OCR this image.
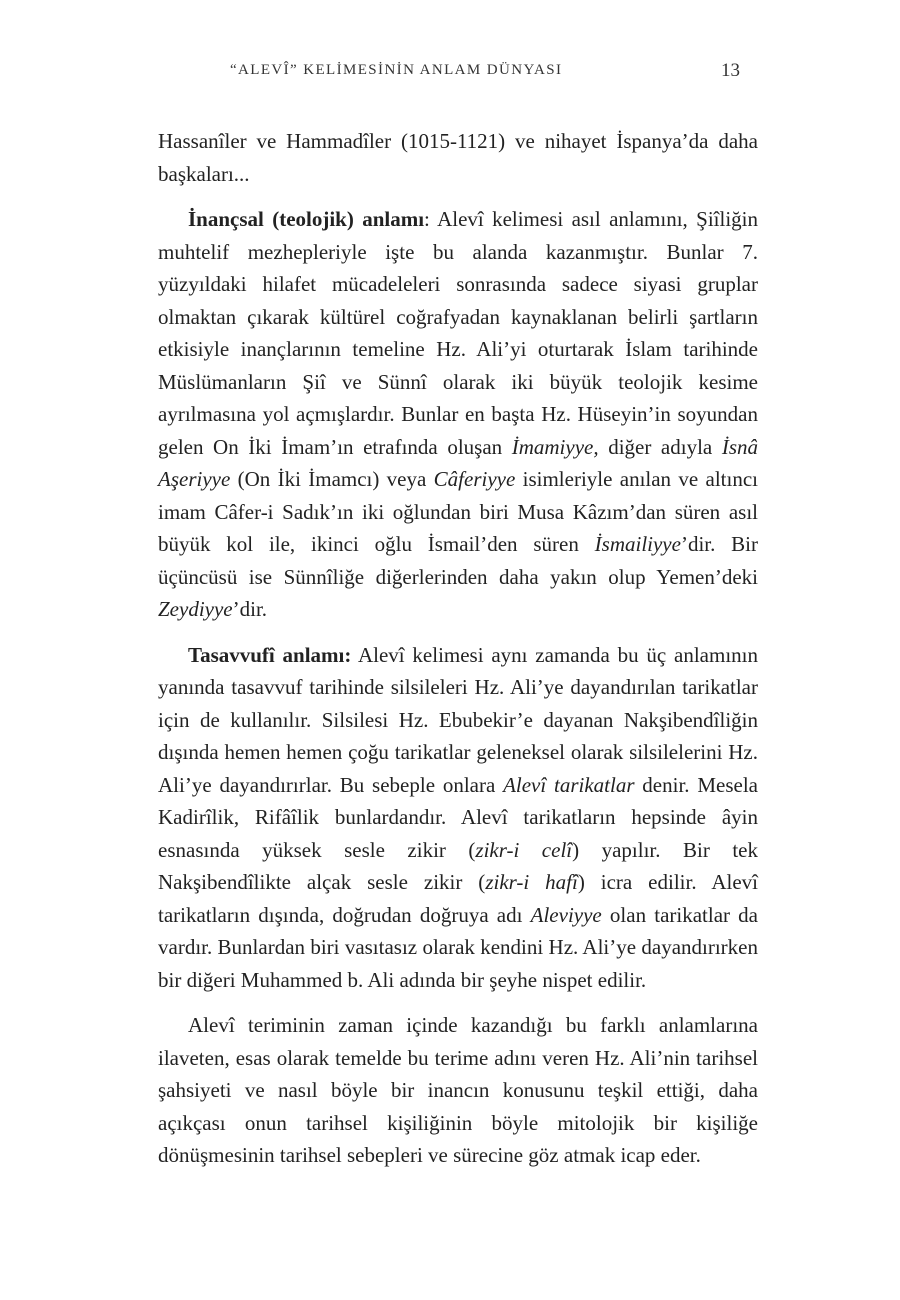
“ALEVÎ” KELİMESİNİN ANLAM DÜNYASI	13

Hassanîler ve Hammadîler (1015-1121) ve nihayet İspanya’da daha başkaları...

İnançsal (teolojik) anlamı: Alevî kelimesi asıl anlamını, Şiîliğin muhtelif mezhepleriyle işte bu alanda kazanmıştır. Bunlar 7. yüzyıldaki hilafet mücadeleleri sonrasında sadece siyasi gruplar olmaktan çıkarak kültürel coğrafyadan kaynaklanan belirli şartların etkisiyle inançlarının temeline Hz. Ali’yi oturtarak İslam tarihinde Müslümanların Şiî ve Sünnî olarak iki büyük teolojik kesime ayrılmasına yol açmışlardır. Bunlar en başta Hz. Hüseyin’in soyundan gelen On İki İmam’ın etrafında oluşan İmamiyye, diğer adıyla İsnâ Aşeriyye (On İki İmamcı) veya Câferiyye isimleriyle anılan ve altıncı imam Câfer-i Sadık’ın iki oğlundan biri Musa Kâzım’dan süren asıl büyük kol ile, ikinci oğlu İsmail’den süren İsmailiyye’dir. Bir üçüncüsü ise Sünnîliğe diğerlerinden daha yakın olup Yemen’deki Zeydiyye’dir.

Tasavvufî anlamı: Alevî kelimesi aynı zamanda bu üç anlamının yanında tasavvuf tarihinde silsileleri Hz. Ali’ye dayandırılan tarikatlar için de kullanılır. Silsilesi Hz. Ebubekir’e dayanan Nakşibendîliğin dışında hemen hemen çoğu tarikatlar geleneksel olarak silsilelerini Hz. Ali’ye dayandırırlar. Bu sebeple onlara Alevî tarikatlar denir. Mesela Kadirîlik, Rifâîlik bunlardandır. Alevî tarikatların hepsinde âyin esnasında yüksek sesle zikir (zikr-i celî) yapılır. Bir tek Nakşibendîlikte alçak sesle zikir (zikr-i hafî) icra edilir. Alevî tarikatların dışında, doğrudan doğruya adı Aleviyye olan tarikatlar da vardır. Bunlardan biri vasıtasız olarak kendini Hz. Ali’ye dayandırırken bir diğeri Muhammed b. Ali adında bir şeyhe nispet edilir.

Alevî teriminin zaman içinde kazandığı bu farklı anlamlarına ilaveten, esas olarak temelde bu terime adını veren Hz. Ali’nin tarihsel şahsiyeti ve nasıl böyle bir inancın konusunu teşkil ettiği, daha açıkçası onun tarihsel kişiliğinin böyle mitolojik bir kişiliğe dönüşmesinin tarihsel sebepleri ve sürecine göz atmak icap eder.
